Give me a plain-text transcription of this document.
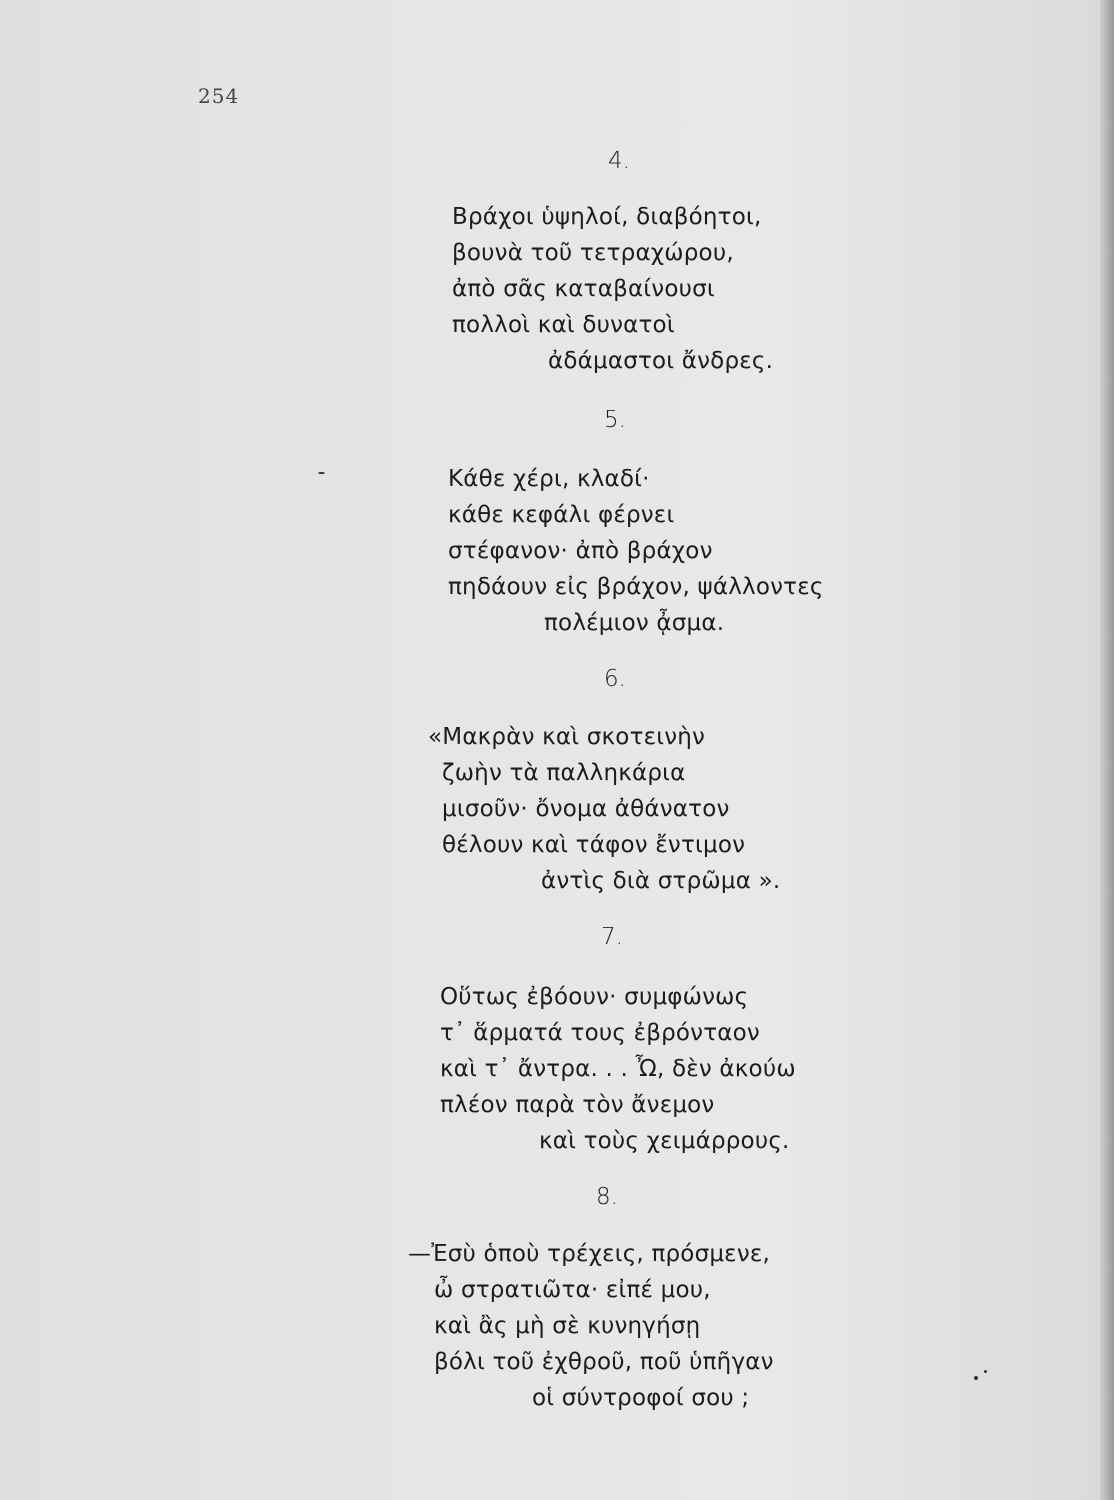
254
4.
Βράχοι ὑψηλοί, διαβόητοι,
βουνὰ τοῦ τετραχώρου,
ἀπὸ σᾶς καταβαίνουσι
πολλοὶ καὶ δυνατοὶ
ἀδάμαστοι ἄνδρες.
5.
Κάθε χέρι, κλαδί·
κάθε κεφάλι φέρνει
στέφανον· ἀπὸ βράχον
πηδάουν εἰς βράχον, ψάλλοντες
πολέμιον ᾆσμα.
6.
«Μακρὰν καὶ σκοτεινὴν
ζωὴν τὰ παλληκάρια
μισοῦν· ὄνομα ἀθάνατον
θέλουν καὶ τάφον ἔντιμον
ἀντὶς διὰ στρῶμα ».
7.
Οὕτως ἐβόουν· συμφώνως
τ᾽ ἅρματά τους ἐβρόνταον
καὶ τ᾽ ἄντρα. . . Ὦ, δὲν ἀκούω
πλέον παρὰ τὸν ἄνεμον
καὶ τοὺς χειμάρρους.
8.
—Ἐσὺ ὁποὺ τρέχεις, πρόσμενε,
ὦ στρατιῶτα· εἰπέ μου,
καὶ ἂς μὴ σὲ κυνηγήσῃ
βόλι τοῦ ἐχθροῦ, ποῦ ὑπῆγαν
οἱ σύντροφοί σου ;
